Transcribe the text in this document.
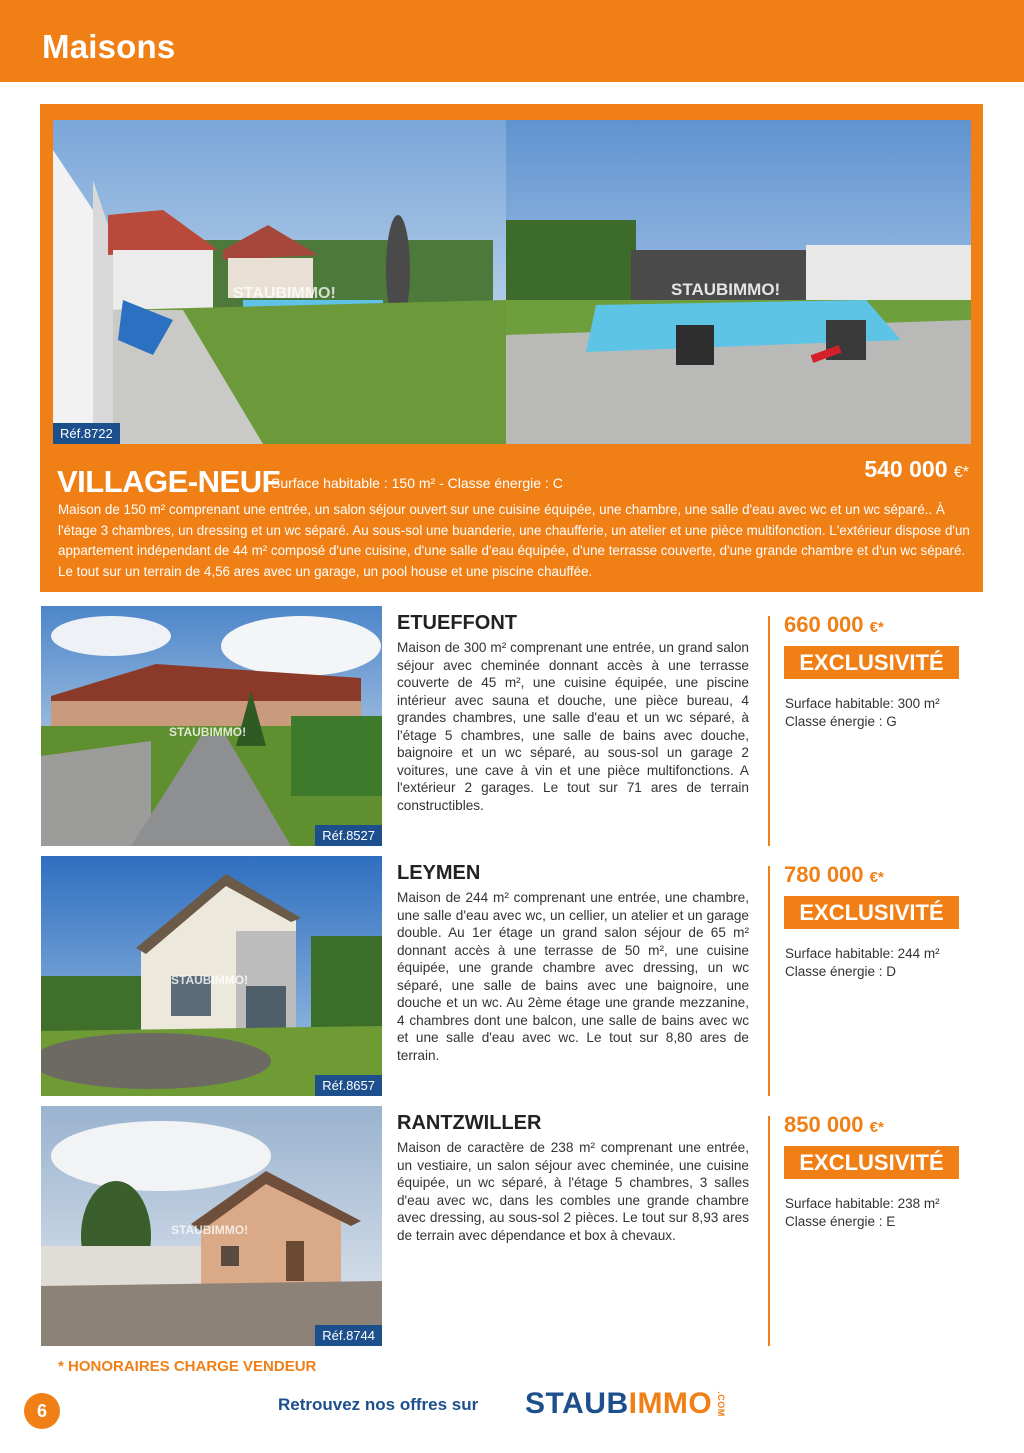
Maisons
STAUBIMMO!	STAUBIMMO!
Réf.8722
VILLAGE-NEUF
Surface habitable : 150 m² - Classe énergie : C
540 000 €*
Maison de 150 m² comprenant une entrée, un salon séjour ouvert sur une cuisine équipée, une chambre, une salle d'eau avec wc et un wc séparé.. À l'étage 3 chambres, un dressing et un wc séparé. Au sous-sol une buanderie, une chaufferie, un atelier et une pièce multifonction. L'extérieur dispose d'un appartement indépendant de 44 m² composé d'une cuisine, d'une salle d'eau équipée, d'une terrasse couverte, d'une grande chambre et d'un wc séparé. Le tout sur un terrain de 4,56 ares avec un garage, un pool house et une piscine chauffée.
STAUBIMMO!
Réf.8527
ETUEFFONT
Maison de 300 m² comprenant une entrée, un grand salon séjour avec cheminée donnant accès à une terrasse couverte de 45 m², une cuisine équipée, une piscine intérieur avec sauna et douche, une pièce bureau, 4 grandes chambres, une salle d'eau et un wc séparé, à l'étage 5 chambres, une salle de bains avec douche, baignoire et un wc séparé, au sous-sol un garage 2 voitures, une cave à vin et une pièce multifonctions. A l'extérieur 2 garages. Le tout sur 71 ares de terrain constructibles.
660 000 €*
EXCLUSIVITÉ
Surface habitable: 300 m²
Classe énergie : G
STAUBIMMO!
Réf.8657
LEYMEN
Maison de 244 m² comprenant une entrée, une chambre, une salle d'eau avec wc, un cellier, un atelier et un garage double. Au 1er étage un grand salon séjour de 65 m² donnant accès à une terrasse de 50 m², une cuisine équipée, une grande chambre avec dressing, un wc séparé, une salle de bains avec une baignoire, une douche et un wc. Au 2ème étage une grande mezzanine, 4 chambres dont une balcon, une salle de bains avec wc et une salle d'eau avec wc. Le tout sur 8,80 ares de terrain.
780 000 €*
EXCLUSIVITÉ
Surface habitable: 244 m²
Classe énergie : D
STAUBIMMO!
Réf.8744
RANTZWILLER
Maison de caractère de 238 m² comprenant une entrée, un vestiaire, un salon séjour avec cheminée, une cuisine équipée, un wc séparé, à l'étage 5 chambres, 3 salles d'eau avec wc, dans les combles une grande chambre avec dressing, au sous-sol 2 pièces. Le tout sur 8,93 ares de terrain avec dépendance et box à chevaux.
850 000 €*
EXCLUSIVITÉ
Surface habitable: 238 m²
Classe énergie : E
* HONORAIRES CHARGE VENDEUR
6	Retrouvez nos offres sur STAUBIMMO .COM
